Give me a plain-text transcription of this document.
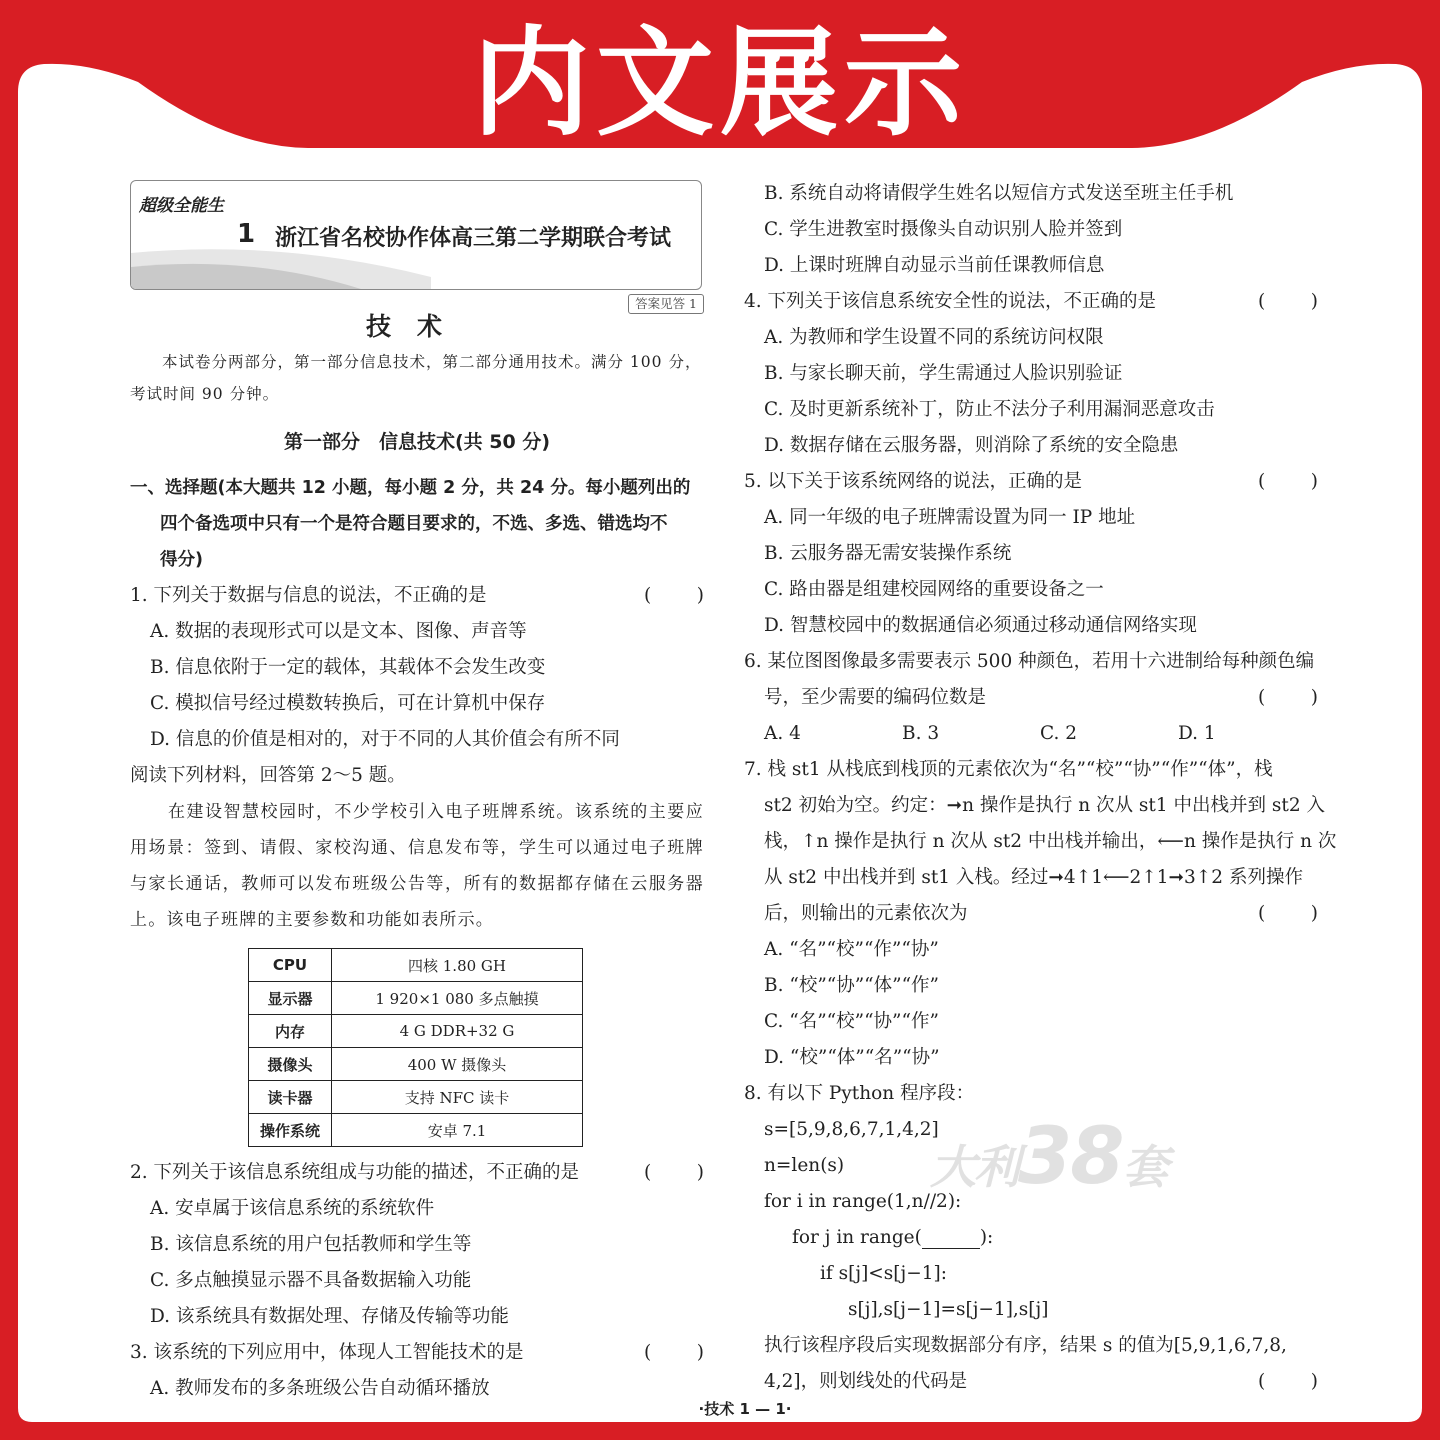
内文展示
大利38套
超级全能生
1 浙江省名校协作体高三第二学期联合考试
答案见答 1
技术
本试卷分两部分，第一部分信息技术，第二部分通用技术。满分 100 分，考试时间 90 分钟。
第一部分　信息技术(共 50 分)
一、选择题(本大题共 12 小题，每小题 2 分，共 24 分。每小题列出的
四个备选项中只有一个是符合题目要求的，不选、多选、错选均不
得分)
1. 下列关于数据与信息的说法，不正确的是	( )
A. 数据的表现形式可以是文本、图像、声音等
B. 信息依附于一定的载体，其载体不会发生改变
C. 模拟信号经过模数转换后，可在计算机中保存
D. 信息的价值是相对的，对于不同的人其价值会有所不同
阅读下列材料，回答第 2～5 题。
在建设智慧校园时，不少学校引入电子班牌系统。该系统的主要应用场景：签到、请假、家校沟通、信息发布等，学生可以通过电子班牌与家长通话，教师可以发布班级公告等，所有的数据都存储在云服务器上。该电子班牌的主要参数和功能如表所示。
CPU	四核 1.80 GH
显示器	1 920×1 080 多点触摸
内存	4 G DDR+32 G
摄像头	400 W 摄像头
读卡器	支持 NFC 读卡
操作系统	安卓 7.1
2. 下列关于该信息系统组成与功能的描述，不正确的是	( )
A. 安卓属于该信息系统的系统软件
B. 该信息系统的用户包括教师和学生等
C. 多点触摸显示器不具备数据输入功能
D. 该系统具有数据处理、存储及传输等功能
3. 该系统的下列应用中，体现人工智能技术的是	( )
A. 教师发布的多条班级公告自动循环播放
B. 系统自动将请假学生姓名以短信方式发送至班主任手机
C. 学生进教室时摄像头自动识别人脸并签到
D. 上课时班牌自动显示当前任课教师信息
4. 下列关于该信息系统安全性的说法，不正确的是	( )
A. 为教师和学生设置不同的系统访问权限
B. 与家长聊天前，学生需通过人脸识别验证
C. 及时更新系统补丁，防止不法分子利用漏洞恶意攻击
D. 数据存储在云服务器，则消除了系统的安全隐患
5. 以下关于该系统网络的说法，正确的是	( )
A. 同一年级的电子班牌需设置为同一 IP 地址
B. 云服务器无需安装操作系统
C. 路由器是组建校园网络的重要设备之一
D. 智慧校园中的数据通信必须通过移动通信网络实现
6. 某位图图像最多需要表示 500 种颜色，若用十六进制给每种颜色编
号，至少需要的编码位数是	( )
A. 4	B. 3	C. 2	D. 1
7. 栈 st1 从栈底到栈顶的元素依次为“名”“校”“协”“作”“体”，栈
st2 初始为空。约定：➞n 操作是执行 n 次从 st1 中出栈并到 st2 入
栈，↑n 操作是执行 n 次从 st2 中出栈并输出，⟵n 操作是执行 n 次
从 st2 中出栈并到 st1 入栈。经过➞4↑1⟵2↑1➞3↑2 系列操作
后，则输出的元素依次为	( )
A. “名”“校”“作”“协”
B. “校”“协”“体”“作”
C. “名”“校”“协”“作”
D. “校”“体”“名”“协”
8. 有以下 Python 程序段：
s=[5,9,8,6,7,1,4,2]
n=len(s)
for i in range(1,n//2):
for j in range(	):
if s[j]<s[j−1]:
s[j],s[j−1]=s[j−1],s[j]
执行该程序段后实现数据部分有序，结果 s 的值为[5,9,1,6,7,8,
4,2]，则划线处的代码是	( )
·技术 1 — 1·
